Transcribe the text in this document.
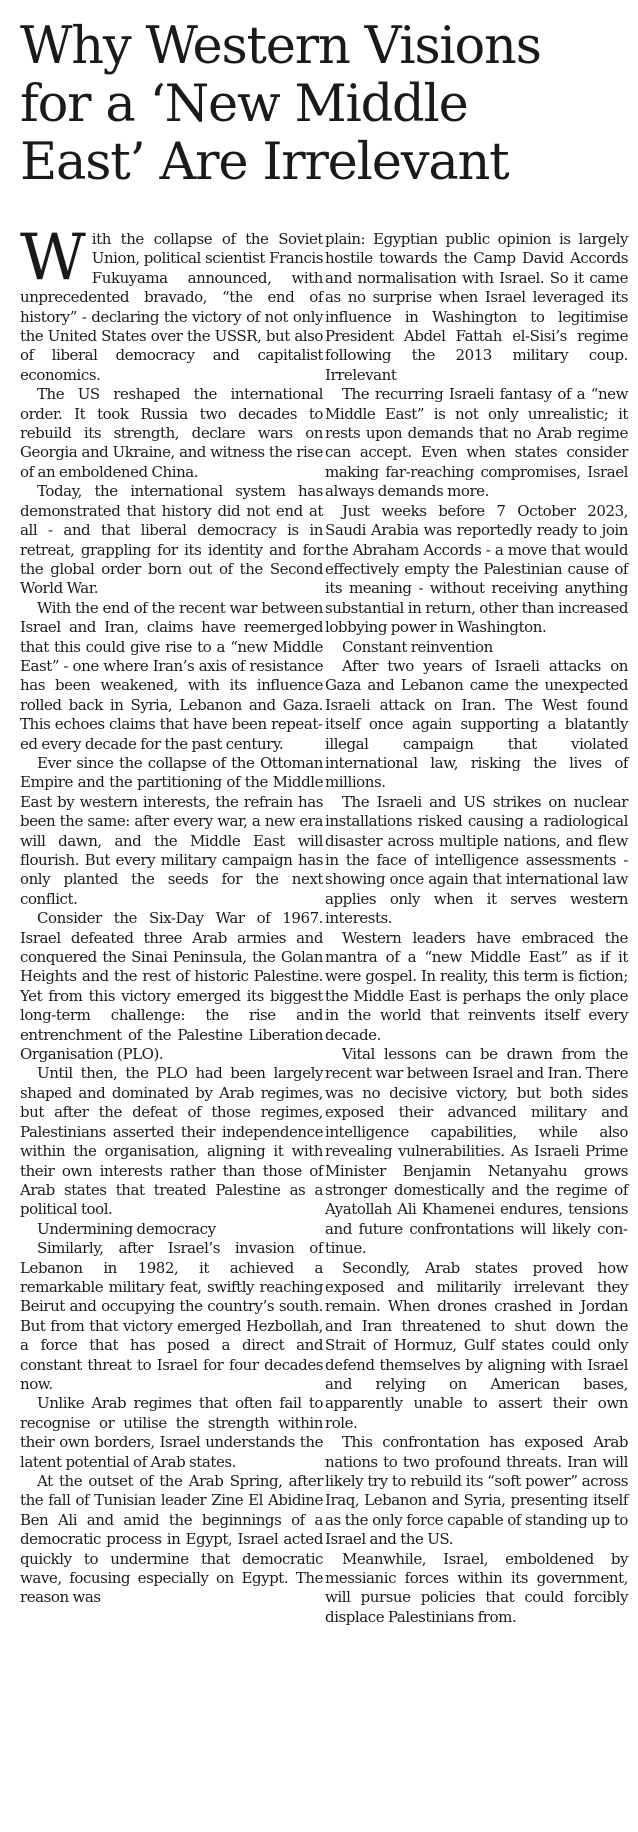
Why Western Visions
for a ‘New Middle
East’ Are Irrelevant

With the collapse of the Soviet Union, political scientist Francis Fukuyama announced, with unprecedented bravado, “the end of history” - declaring the victory of not only the United States over the USSR, but also of liberal democracy and capitalist economics.

The US reshaped the international order. It took Russia two decades to rebuild its strength, declare wars on Georgia and Ukraine, and witness the rise of an emboldened China.

Today, the international system has demonstrated that history did not end at all - and that liberal democracy is in retreat, grappling for its identity and for the global order born out of the Second World War.

With the end of the recent war between Israel and Iran, claims have reemerged that this could give rise to a “new Middle East” - one where Iran’s axis of resistance has been weakened, with its influence rolled back in Syria, Lebanon and Gaza. This echoes claims that have been repeated every decade for the past century.

Ever since the collapse of the Ottoman Empire and the partitioning of the Middle East by western interests, the refrain has been the same: after every war, a new era will dawn, and the Middle East will flourish. But every military campaign has only planted the seeds for the next conflict.

Consider the Six-Day War of 1967. Israel defeated three Arab armies and conquered the Sinai Peninsula, the Golan Heights and the rest of historic Palestine. Yet from this victory emerged its biggest long-term challenge: the rise and entrenchment of the Palestine Liberation Organisation (PLO).

Until then, the PLO had been largely shaped and dominated by Arab regimes, but after the defeat of those regimes, Palestinians asserted their independence within the organisation, aligning it with their own interests rather than those of Arab states that treated Palestine as a political tool.

Undermining democracy

Similarly, after Israel’s invasion of Lebanon in 1982, it achieved a remarkable military feat, swiftly reaching Beirut and occupying the country’s south. But from that victory emerged Hezbollah, a force that has posed a direct and constant threat to Israel for four decades now.

Unlike Arab regimes that often fail to recognise or utilise the strength within their own borders, Israel understands the latent potential of Arab states.

At the outset of the Arab Spring, after the fall of Tunisian leader Zine El Abidine Ben Ali and amid the beginnings of a democratic process in Egypt, Israel acted quickly to undermine that democratic wave, focusing especially on Egypt. The reason was

plain: Egyptian public opinion is largely hostile towards the Camp David Accords and normalisation with Israel. So it came as no surprise when Israel leveraged its influence in Washington to legitimise President Abdel Fattah el-Sisi’s regime following the 2013 military coup. Irrelevant

The recurring Israeli fantasy of a “new Middle East” is not only unrealistic; it rests upon demands that no Arab regime can accept. Even when states consider making far-reaching compromises, Israel always demands more.

Just weeks before 7 October 2023, Saudi Arabia was reportedly ready to join the Abraham Accords - a move that would effectively empty the Palestinian cause of its meaning - without receiving anything substantial in return, other than increased lobbying power in Washington.

Constant reinvention

After two years of Israeli attacks on Gaza and Lebanon came the unexpected Israeli attack on Iran. The West found itself once again supporting a blatantly illegal campaign that violated international law, risking the lives of millions.

The Israeli and US strikes on nuclear installations risked causing a radiological disaster across multiple nations, and flew in the face of intelligence assessments - showing once again that international law applies only when it serves western interests.

Western leaders have embraced the mantra of a “new Middle East” as if it were gospel. In reality, this term is fiction; the Middle East is perhaps the only place in the world that reinvents itself every decade.

Vital lessons can be drawn from the recent war between Israel and Iran. There was no decisive victory, but both sides exposed their advanced military and intelligence capabilities, while also revealing vulnerabilities. As Israeli Prime Minister Benjamin Netanyahu grows stronger domestically and the regime of Ayatollah Ali Khamenei endures, tensions and future confrontations will likely continue.

Secondly, Arab states proved how exposed and militarily irrelevant they remain. When drones crashed in Jordan and Iran threatened to shut down the Strait of Hormuz, Gulf states could only defend themselves by aligning with Israel and relying on American bases, apparently unable to assert their own role.

This confrontation has exposed Arab nations to two profound threats. Iran will likely try to rebuild its “soft power” across Iraq, Lebanon and Syria, presenting itself as the only force capable of standing up to Israel and the US.

Meanwhile, Israel, emboldened by messianic forces within its government, will pursue policies that could forcibly displace Palestinians from.
